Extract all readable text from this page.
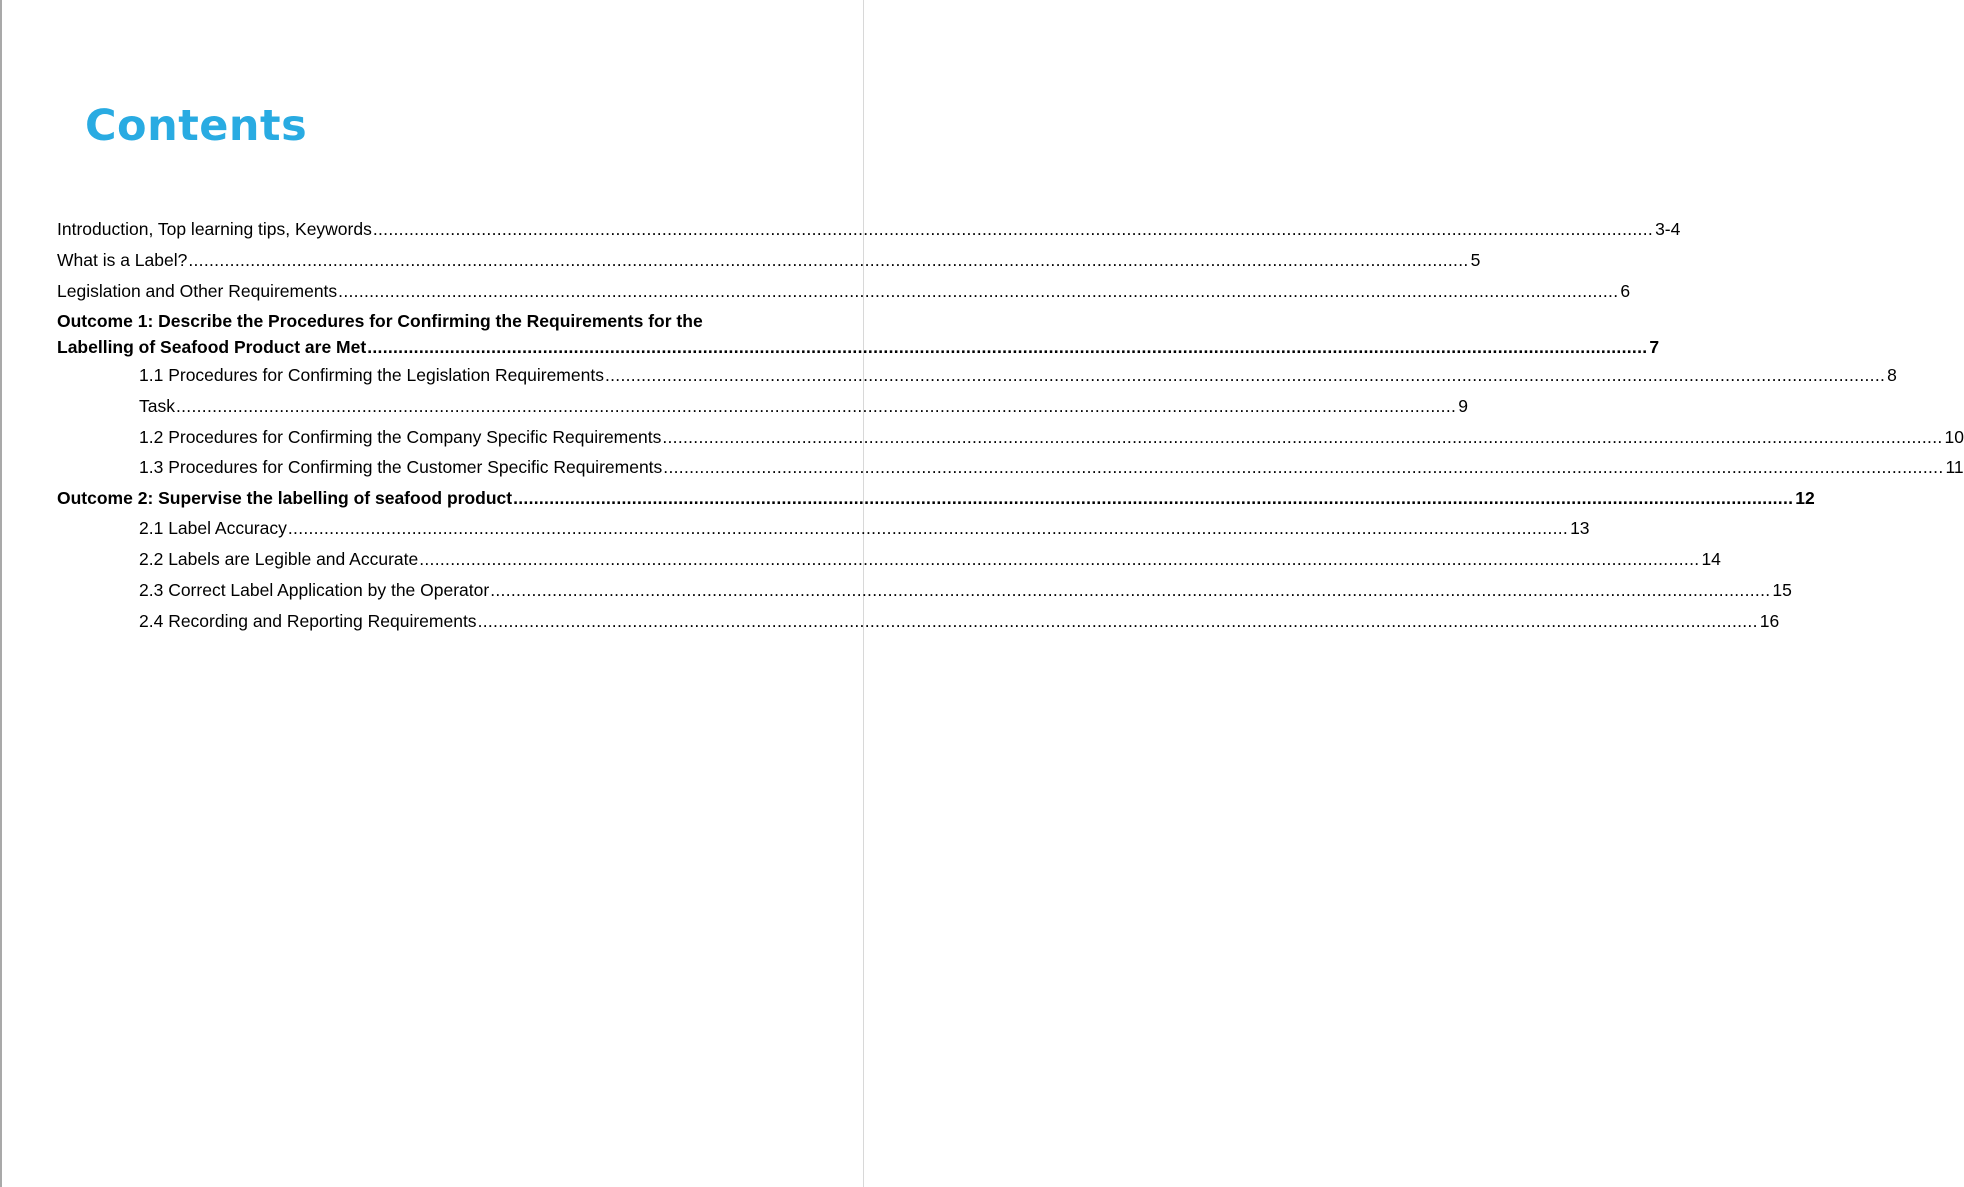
Contents
Introduction, Top learning tips, Keywords ........................................................................................................................................................................................................................................................ 3-4
What is a Label? ........................................................................................................................................................................................................................................................ 5
Legislation and Other Requirements ........................................................................................................................................................................................................................................................ 6
Outcome 1: Describe the Procedures for Confirming the Requirements for the
Labelling of Seafood Product are Met ........................................................................................................................................................................................................................................................ 7
1.1 Procedures for Confirming the Legislation Requirements ........................................................................................................................................................................................................................................................ 8
Task ........................................................................................................................................................................................................................................................ 9
1.2 Procedures for Confirming the Company Specific Requirements ........................................................................................................................................................................................................................................................ 10
1.3 Procedures for Confirming the Customer Specific Requirements ........................................................................................................................................................................................................................................................ 11
Outcome 2: Supervise the labelling of seafood product ........................................................................................................................................................................................................................................................ 12
2.1 Label Accuracy ........................................................................................................................................................................................................................................................ 13
2.2 Labels are Legible and Accurate ........................................................................................................................................................................................................................................................ 14
2.3 Correct Label Application by the Operator ........................................................................................................................................................................................................................................................ 15
2.4 Recording and Reporting Requirements ........................................................................................................................................................................................................................................................ 16
